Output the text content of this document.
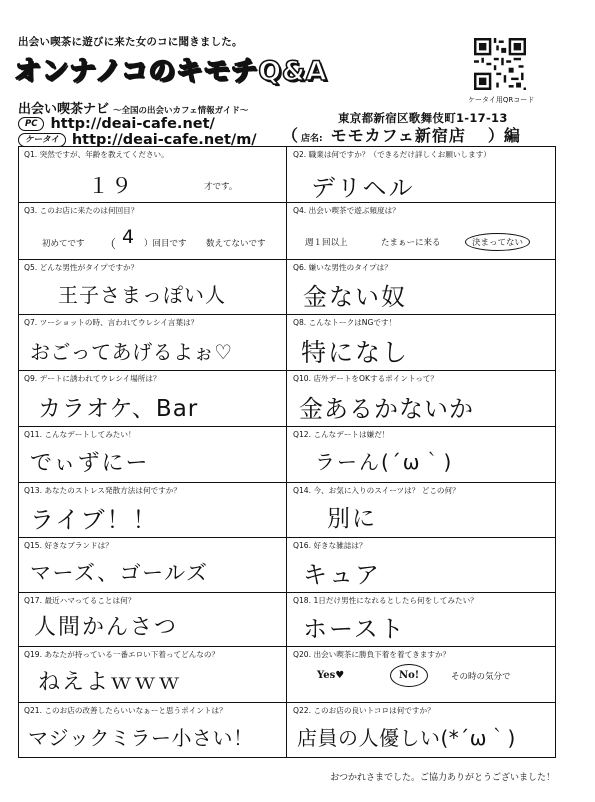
出会い喫茶に遊びに来た女のコに聞きました。
オンナノコのキモチQ&A
出会い喫茶ナビ 〜全国の出会いカフェ情報ガイド〜
PC http://deai-cafe.net/
ケータイ http://deai-cafe.net/m/
ケータイ用QRコード
東京都新宿区歌舞伎町1-17-13
（ 店名: モモカフェ新宿店 ）編
Q1. 突然ですが、年齢を教えてください。
１９	才です。
Q2. 職業は何ですか？（できるだけ詳しくお願いします）
デリヘル
Q3. このお店に来たのは何回目？
初めてです （ 4 ）回目です 数えてないです
Q4. 出会い喫茶で遊ぶ頻度は？
週１回以上	たまぁーに来る	決まってない
Q5. どんな男性がタイプですか？
王子さまっぽい人
Q6. 嫌いな男性のタイプは？
金ない奴
Q7. ツーショットの時、言われてウレシイ言葉は？
おごってあげるよぉ♡
Q8. こんなトークはNGです！
特になし
Q9. デートに誘われてウレシイ場所は？
カラオケ、Bar
Q10. 店外デートをOKするポイントって？
金あるかないか
Q11. こんなデートしてみたい！
でぃずにー
Q12. こんなデートは嫌だ！
ラーん(´ω｀)
Q13. あなたのストレス発散方法は何ですか？
ライブ！！
Q14. 今、お気に入りのスイーツは？ どこの何？
別に
Q15. 好きなブランドは？
マーズ、ゴールズ
Q16. 好きな雑誌は？
キュア
Q17. 最近ハマってることは何？
人間かんさつ
Q18. 1日だけ男性になれるとしたら何をしてみたい？
ホースト
Q19. あなたが持っている一番エロい下着ってどんなの？
ねえよｗｗｗ
Q20. 出会い喫茶に勝負下着を着てきますか？
Yes♥	No!	その時の気分で
Q21. このお店の改善したらいいなぁーと思うポイントは？
マジックミラー小さい！
Q22. このお店の良いトコロは何ですか？
店員の人優しい(*´ω｀)
おつかれさまでした。ご協力ありがとうございました！
